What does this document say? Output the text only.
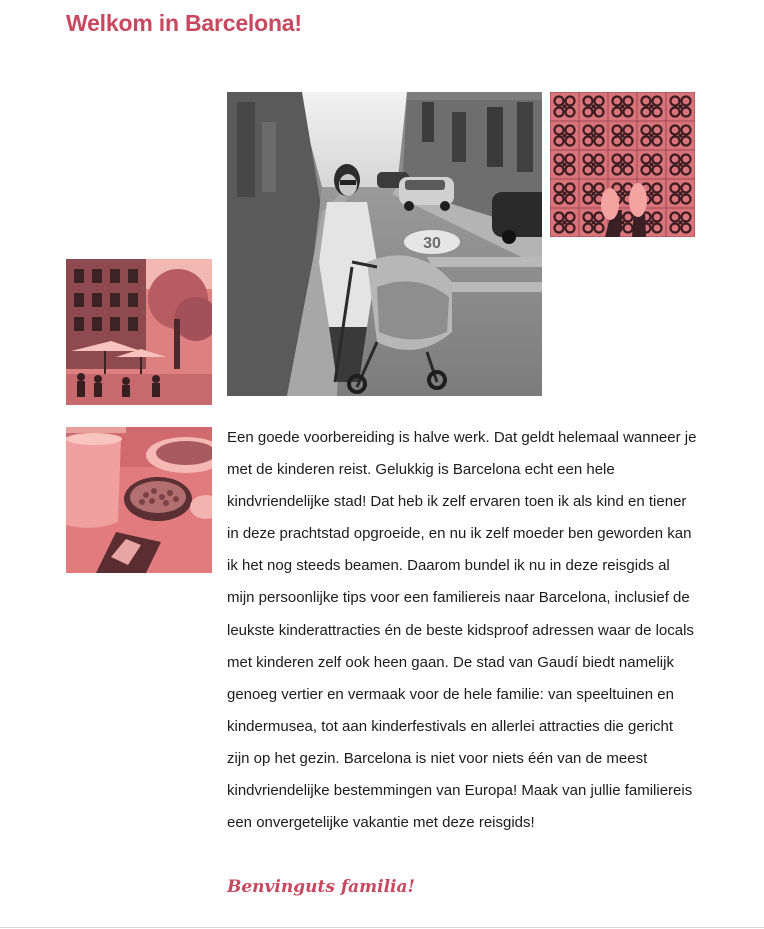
Welkom in Barcelona!
30

Een goede voorbereiding is halve werk. Dat geldt helemaal wanneer je met de kinderen reist. Gelukkig is Barcelona echt een hele kindvriendelijke stad! Dat heb ik zelf ervaren toen ik als kind en tiener in deze prachtstad opgroeide, en nu ik zelf moeder ben geworden kan ik het nog steeds beamen. Daarom bundel ik nu in deze reisgids al mijn persoonlijke tips voor een familiereis naar Barcelona, inclusief de leukste kinderattracties én de beste kidsproof adressen waar de locals met kinderen zelf ook heen gaan. De stad van Gaudí biedt namelijk genoeg vertier en vermaak voor de hele familie: van speeltuinen en kindermusea, tot aan kinderfestivals en allerlei attracties die gericht zijn op het gezin. Barcelona is niet voor niets één van de meest kindvriendelijke bestemmingen van Europa! Maak van jullie familiereis een onvergetelijke vakantie met deze reisgids!

Benvinguts familia!
